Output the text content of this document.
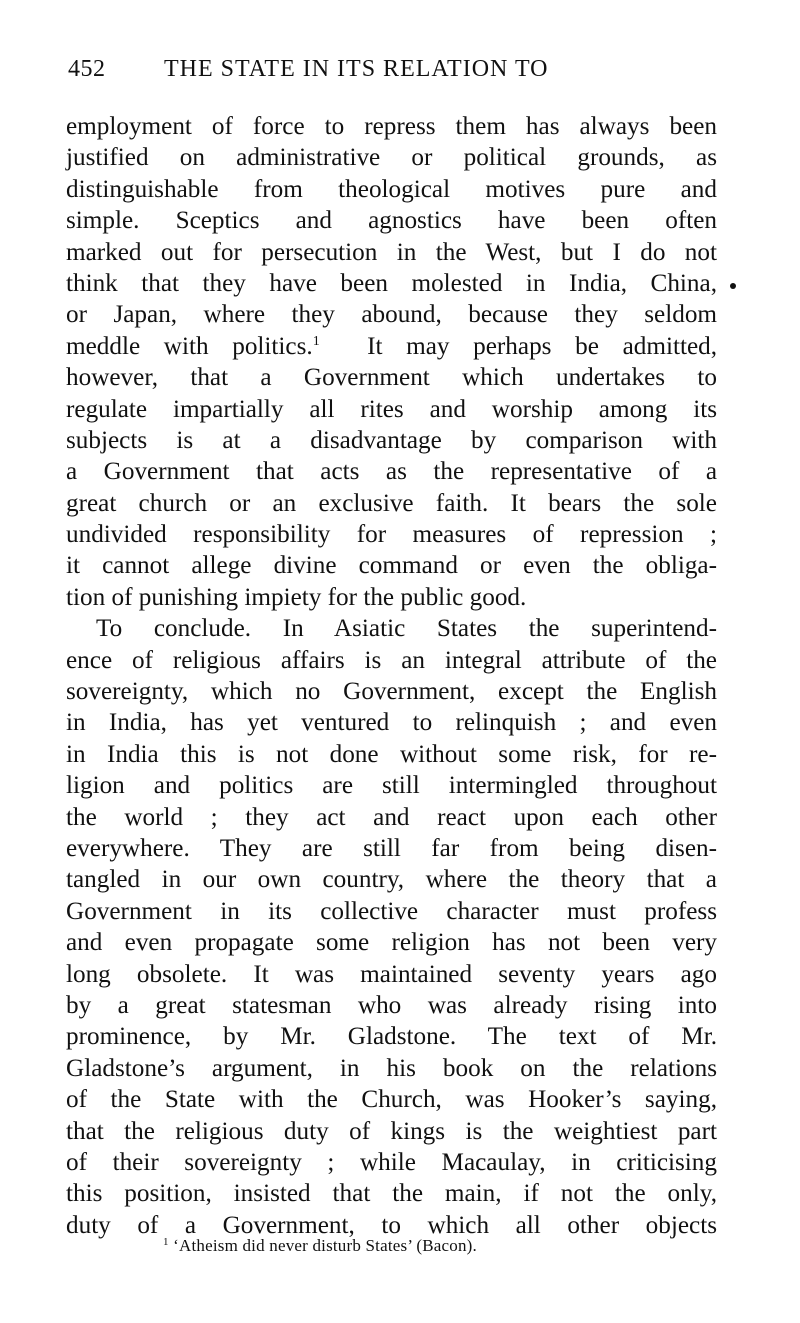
452 THE STATE IN ITS RELATION TO
employment of force to repress them has always been
justified on administrative or political grounds, as
distinguishable from theological motives pure and
simple. Sceptics and agnostics have been often
marked out for persecution in the West, but I do not
think that they have been molested in India, China,
or Japan, where they abound, because they seldom
meddle with politics.$^1$ It may perhaps be admitted,
however, that a Government which undertakes to
regulate impartially all rites and worship among its
subjects is at a disadvantage by comparison with
a Government that acts as the representative of a
great church or an exclusive faith. It bears the sole
undivided responsibility for measures of repression ;
it cannot allege divine command or even the obliga-
tion of punishing impiety for the public good.
To conclude. In Asiatic States the superintend-
ence of religious affairs is an integral attribute of the
sovereignty, which no Government, except the English
in India, has yet ventured to relinquish ; and even
in India this is not done without some risk, for re-
ligion and politics are still intermingled throughout
the world ; they act and react upon each other
everywhere. They are still far from being disen-
tangled in our own country, where the theory that a
Government in its collective character must profess
and even propagate some religion has not been very
long obsolete. It was maintained seventy years ago
by a great statesman who was already rising into
prominence, by Mr. Gladstone. The text of Mr.
Gladstone’s argument, in his book on the relations
of the State with the Church, was Hooker’s saying,
that the religious duty of kings is the weightiest part
of their sovereignty ; while Macaulay, in criticising
this position, insisted that the main, if not the only,
duty of a Government, to which all other objects
$^1$ ‘Atheism did never disturb States’ (Bacon).
